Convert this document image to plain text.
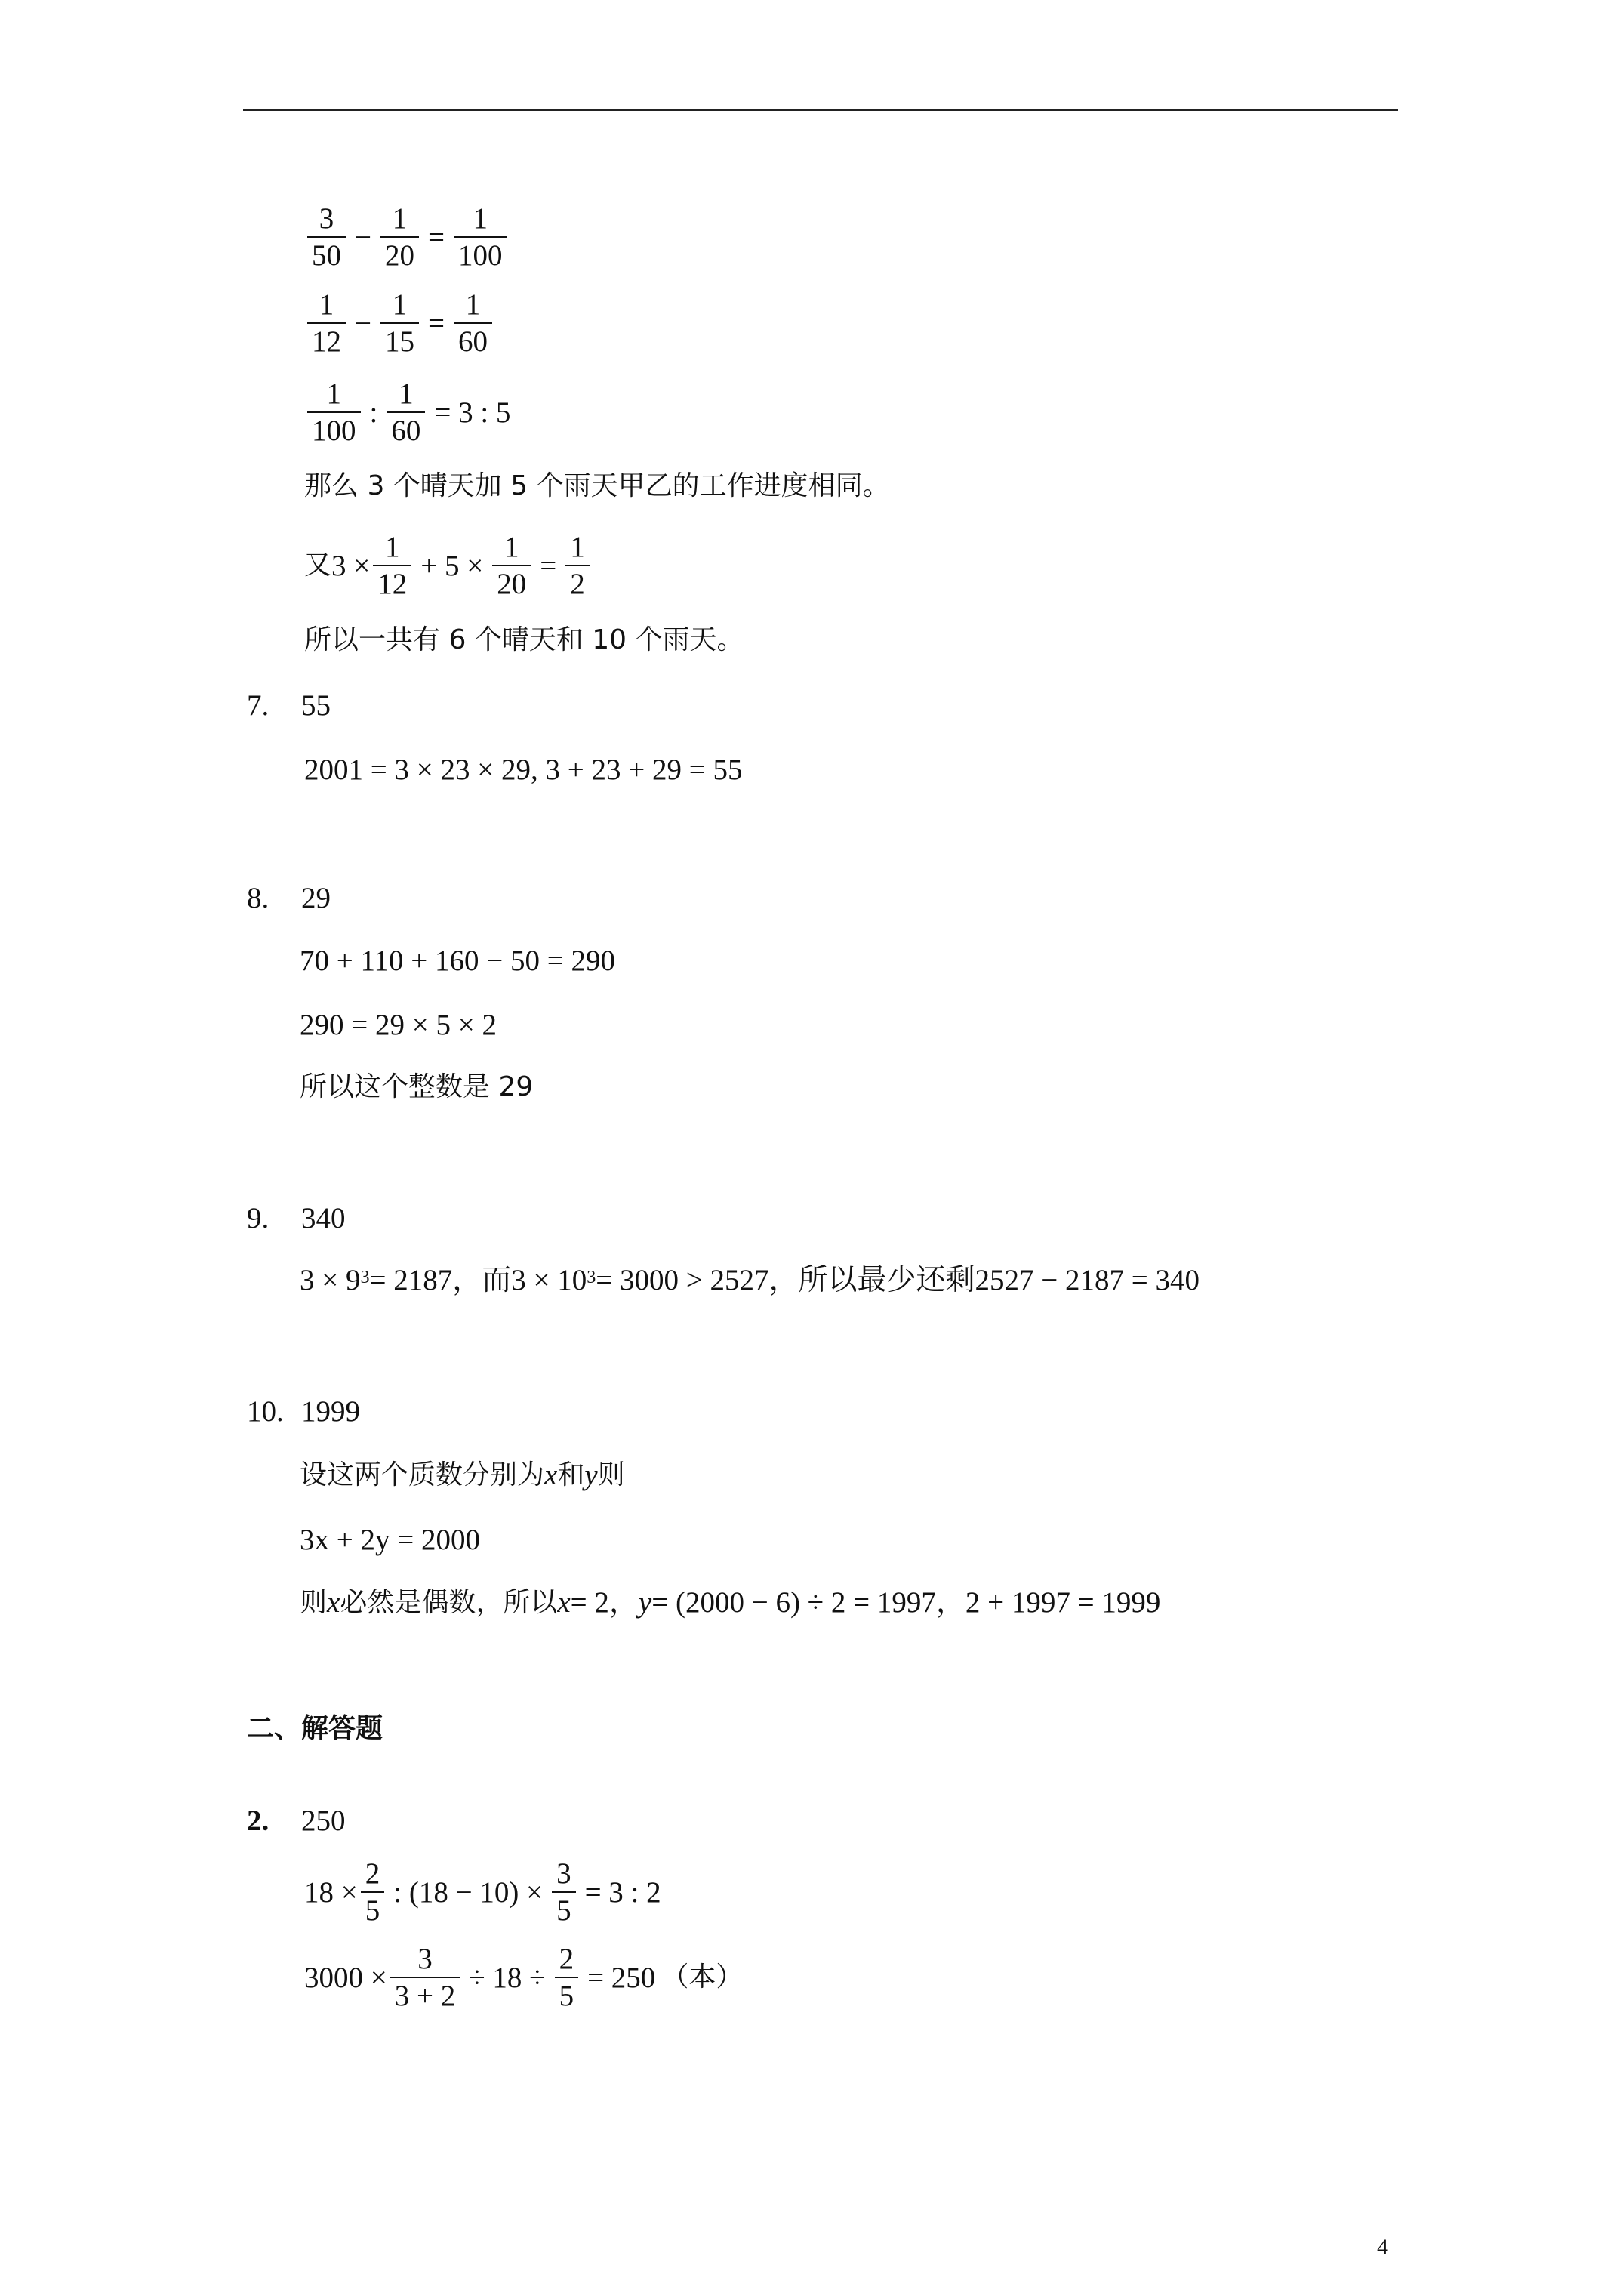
$\frac{3}{50} - \frac{1}{20} = \frac{1}{100}$
$\frac{1}{12} - \frac{1}{15} = \frac{1}{60}$
$\frac{1}{100}$ : $\frac{1}{60} = 3$ : 5
那么 3 个晴天加 5 个雨天甲乙的工作进度相同。
又 $3 \times \frac{1}{12} + 5 \times \frac{1}{20} = \frac{1}{2}$
所以一共有 6 个晴天和 10 个雨天。
7.	55
2001 = 3 × 23 × 29, 3 + 23 + 29 = 55
8.	29
70 + 110 + 160 − 50 = 290
290 = 29 × 5 × 2
所以这个整数是 29
9.	340
$3 \times 9^3 = 2187$，而$3 \times 10^3 = 3000 > 2527$，所以最少还剩2527 − 2187 = 340
10. 1999
设这两个质数分别为 x 和 y 则
3x + 2y = 2000
则 x 必然是偶数，所以 x = 2， y = (2000 − 6) ÷ 2 = 1997，2 + 1997 = 1999
二、解答题
2.	250
$18 \times \frac{2}{5}$ : $(18 - 10) \times \frac{3}{5} = 3$ : 2
$3000 \times \frac{3}{3 + 2} \div 18 \div \frac{2}{5} = 250$ （本）
4
